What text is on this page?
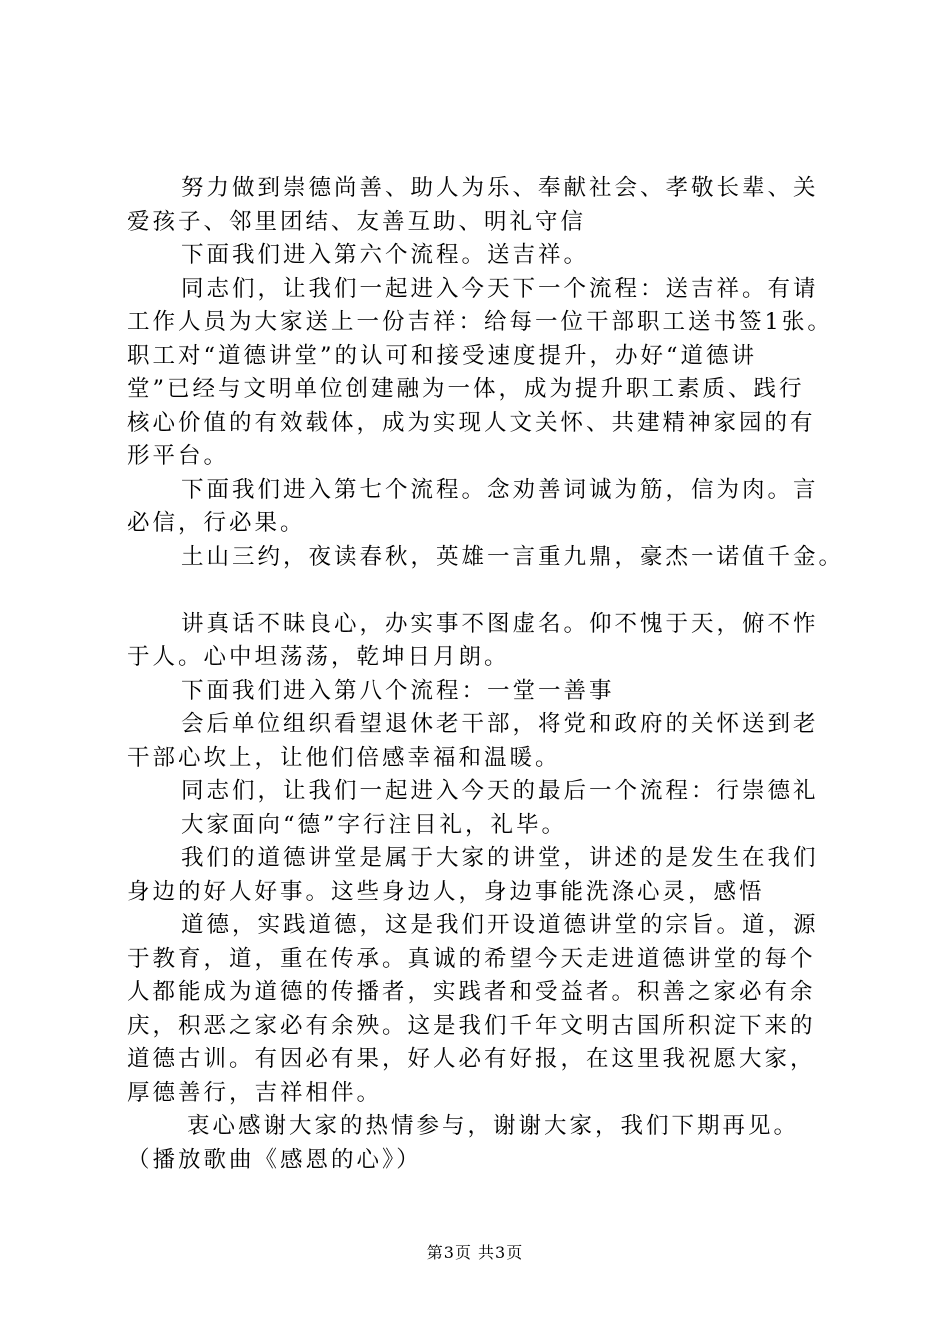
努力做到崇德尚善、助人为乐、奉献社会、孝敬长辈、关
爱孩子、邻里团结、友善互助、明礼守信
下面我们进入第六个流程。送吉祥。
同志们，让我们一起进入今天下一个流程：送吉祥。有请
工作人员为大家送上一份吉祥：给每一位干部职工送书签1张。
职工对“道德讲堂”的认可和接受速度提升，办好“道德讲
堂”已经与文明单位创建融为一体，成为提升职工素质、践行
核心价值的有效载体，成为实现人文关怀、共建精神家园的有
形平台。
下面我们进入第七个流程。念劝善词诚为筋，信为肉。言
必信，行必果。
土山三约，夜读春秋，英雄一言重九鼎，豪杰一诺值千金。
讲真话不昧良心，办实事不图虚名。仰不愧于天，俯不怍
于人。心中坦荡荡，乾坤日月朗。
下面我们进入第八个流程：一堂一善事
会后单位组织看望退休老干部，将党和政府的关怀送到老
干部心坎上，让他们倍感幸福和温暖。
同志们，让我们一起进入今天的最后一个流程：行崇德礼
大家面向“德”字行注目礼，礼毕。
我们的道德讲堂是属于大家的讲堂，讲述的是发生在我们
身边的好人好事。这些身边人，身边事能洗涤心灵，感悟
道德，实践道德，这是我们开设道德讲堂的宗旨。道，源
于教育，道，重在传承。真诚的希望今天走进道德讲堂的每个
人都能成为道德的传播者，实践者和受益者。积善之家必有余
庆，积恶之家必有余殃。这是我们千年文明古国所积淀下来的
道德古训。有因必有果，好人必有好报，在这里我祝愿大家，
厚德善行，吉祥相伴。
衷心感谢大家的热情参与，谢谢大家，我们下期再见。
（播放歌曲《感恩的心》）
第3页 共3页
